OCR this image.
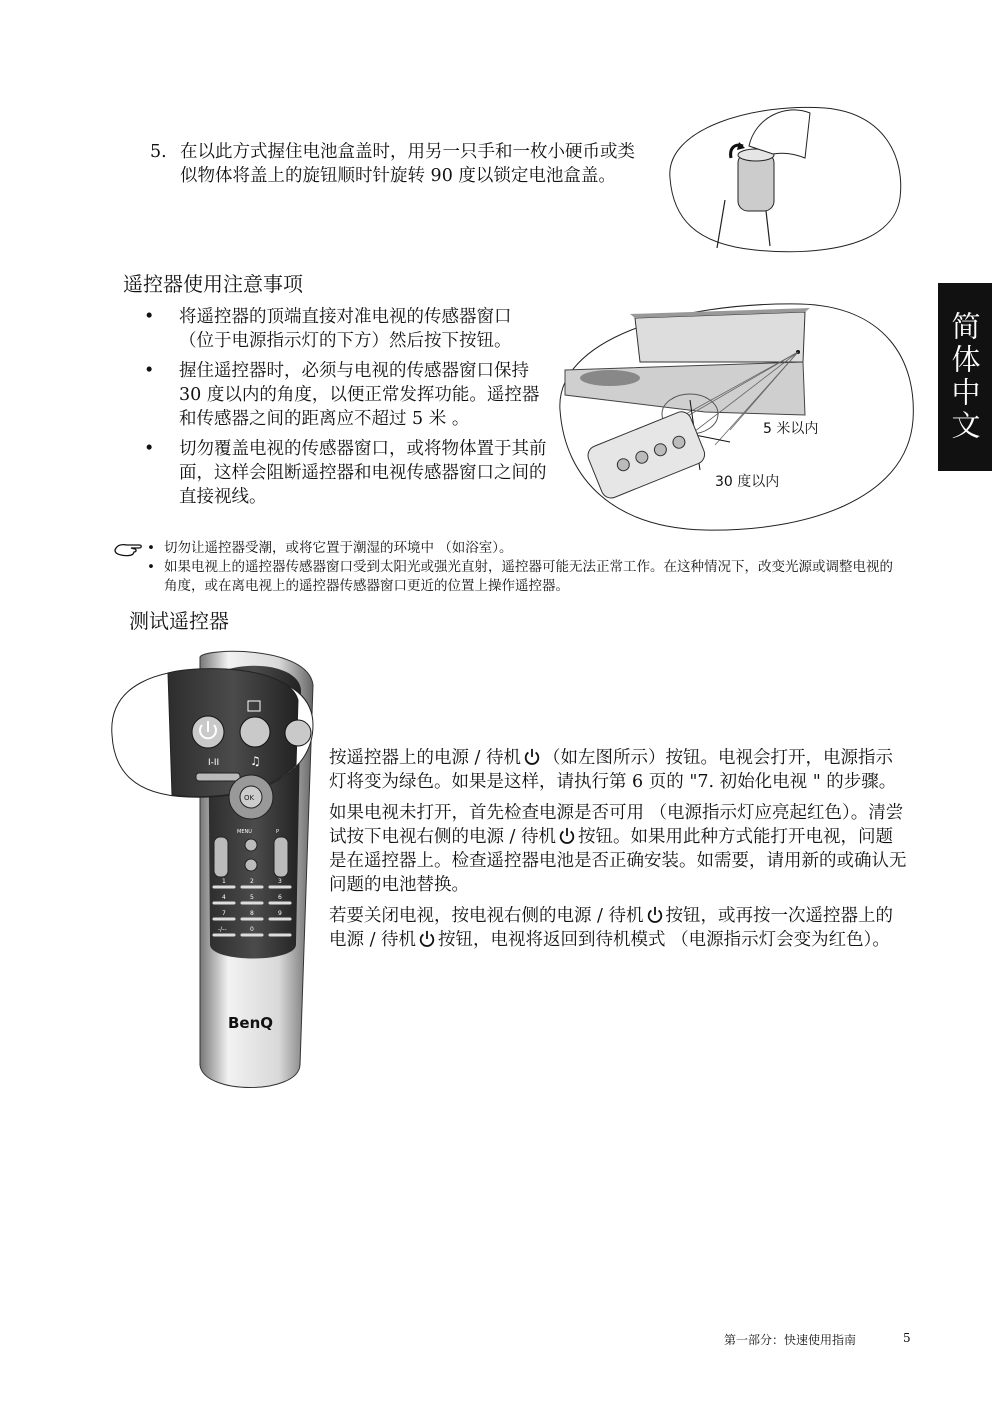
5. 在以此方式握住电池盒盖时，用另一只手和一枚小硬币或类似物体将盖上的旋钮顺时针旋转 90 度以锁定电池盒盖。
遥控器使用注意事项
• 将遥控器的顶端直接对准电视的传感器窗口 （位于电源指示灯的下方）然后按下按钮。
• 握住遥控器时，必须与电视的传感器窗口保持 30 度以内的角度，以便正常发挥功能。遥控器和传感器之间的距离应不超过 5 米 。
• 切勿覆盖电视的传感器窗口，或将物体置于其前面，这样会阻断遥控器和电视传感器窗口之间的直接视线。
5 米以内
30 度以内
• 切勿让遥控器受潮，或将它置于潮湿的环境中 （如浴室）。
• 如果电视上的遥控器传感器窗口受到太阳光或强光直射，遥控器可能无法正常工作。在这种情况下，改变光源或调整电视的角度，或在离电视上的遥控器传感器窗口更近的位置上操作遥控器。
测试遥控器
I-II	♫
OK
MENU	P
1	2	3
4	5	6
7	8	9
-/--	0
BenQ

按遥控器上的电源 / 待机 （如左图所示）按钮。电视会打开，电源指示灯将变为绿色。如果是这样，请执行第 6 页的 "7. 初始化电视 " 的步骤。

如果电视未打开，首先检查电源是否可用 （电源指示灯应亮起红色）。清尝试按下电视右侧的电源 / 待机 按钮。如果用此种方式能打开电视，问题是在遥控器上。检查遥控器电池是否正确安装。如需要，请用新的或确认无问题的电池替换。

若要关闭电视，按电视右侧的电源 / 待机 按钮，或再按一次遥控器上的电源 / 待机 按钮，电视将返回到待机模式 （电源指示灯会变为红色）。

简体中文
第一部分：快速使用指南	5
